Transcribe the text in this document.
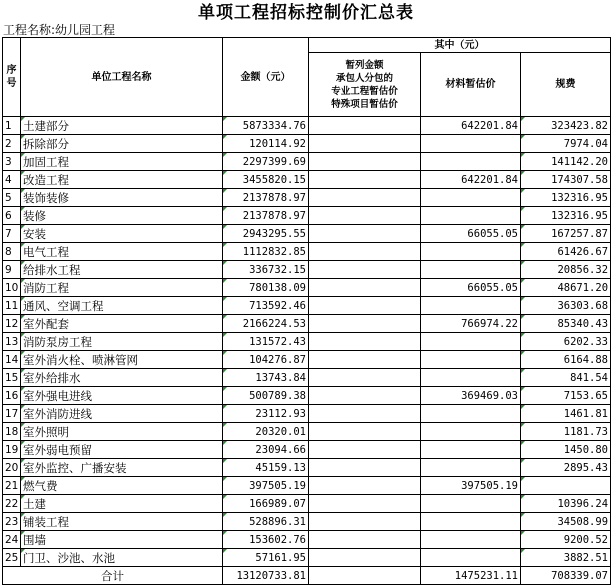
单项工程招标控制价汇总表
工程名称:幼儿园工程
序号	单位工程名称	金额（元）	其中（元）		
			暂列金额
承包人分包的
专业工程暂估价
特殊项目暂估价	材料暂估价	规费
1	土建部分	5873334.76		642201.84	323423.82
2	拆除部分	120114.92			7974.04
3	加固工程	2297399.69			141142.20
4	改造工程	3455820.15		642201.84	174307.58
5	装饰装修	2137878.97			132316.95
6	装修	2137878.97			132316.95
7	安装	2943295.55		66055.05	167257.87
8	电气工程	1112832.85			61426.67
9	给排水工程	336732.15			20856.32
10	消防工程	780138.09		66055.05	48671.20
11	通风、空调工程	713592.46			36303.68
12	室外配套	2166224.53		766974.22	85340.43
13	消防泵房工程	131572.43			6202.33
14	室外消火栓、喷淋管网	104276.87			6164.88
15	室外给排水	13743.84			841.54
16	室外强电进线	500789.38		369469.03	7153.65
17	室外消防进线	23112.93			1461.81
18	室外照明	20320.01			1181.73
19	室外弱电预留	23094.66			1450.80
20	室外监控、广播安装	45159.13			2895.43
21	燃气费	397505.19		397505.19	
22	土建	166989.07			10396.24
23	铺装工程	528896.31			34508.99
24	围墙	153602.76			9200.52
25	门卫、沙池、水池	57161.95			3882.51
合计		13120733.81		1475231.11	708339.07
